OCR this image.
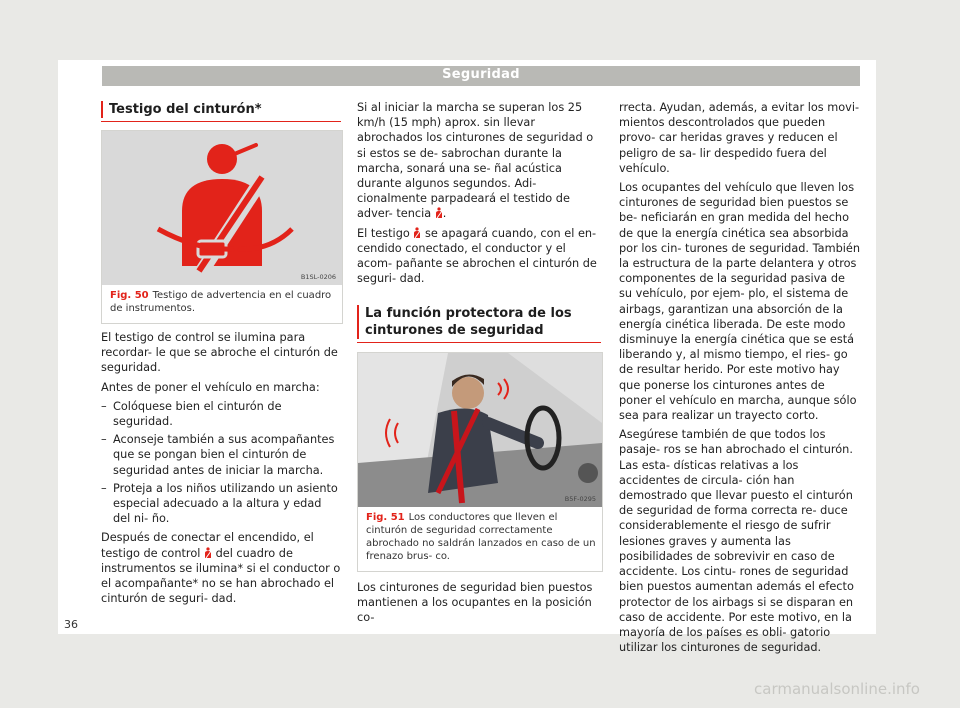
Seguridad
Testigo del cinturón*
B1SL-0206
Fig. 50 Testigo de advertencia en el cuadro de instrumentos.

El testigo de control se ilumina para recordar- le que se abroche el cinturón de seguridad.

Antes de poner el vehículo en marcha:

– Colóquese bien el cinturón de seguridad.
– Aconseje también a sus acompañantes que se pongan bien el cinturón de seguridad antes de iniciar la marcha.
– Proteja a los niños utilizando un asiento especial adecuado a la altura y edad del ni- ño.

Después de conectar el encendido, el testigo de control del cuadro de instrumentos se ilumina* si el conductor o el acompañante* no se han abrochado el cinturón de seguri- dad.

Si al iniciar la marcha se superan los 25 km/h (15 mph) aprox. sin llevar abrochados los cinturones de seguridad o si estos se de- sabrochan durante la marcha, sonará una se- ñal acústica durante algunos segundos. Adi- cionalmente parpadeará el testido de adver- tencia .

El testigo se apagará cuando, con el en- cendido conectado, el conductor y el acom- pañante se abrochen el cinturón de seguri- dad.

La función protectora de los cinturones de seguridad
B5F-0295
Fig. 51 Los conductores que lleven el cinturón de seguridad correctamente abrochado no saldrán lanzados en caso de un frenazo brus- co.

Los cinturones de seguridad bien puestos mantienen a los ocupantes en la posición co-

rrecta. Ayudan, además, a evitar los movi- mientos descontrolados que pueden provo- car heridas graves y reducen el peligro de sa- lir despedido fuera del vehículo.

Los ocupantes del vehículo que lleven los cinturones de seguridad bien puestos se be- neficiarán en gran medida del hecho de que la energía cinética sea absorbida por los cin- turones de seguridad. También la estructura de la parte delantera y otros componentes de la seguridad pasiva de su vehículo, por ejem- plo, el sistema de airbags, garantizan una absorción de la energía cinética liberada. De este modo disminuye la energía cinética que se está liberando y, al mismo tiempo, el ries- go de resultar herido. Por este motivo hay que ponerse los cinturones antes de poner el vehículo en marcha, aunque sólo sea para realizar un trayecto corto.

Asegúrese también de que todos los pasaje- ros se han abrochado el cinturón. Las esta- dísticas relativas a los accidentes de circula- ción han demostrado que llevar puesto el cinturón de seguridad de forma correcta re- duce considerablemente el riesgo de sufrir lesiones graves y aumenta las posibilidades de sobrevivir en caso de accidente. Los cintu- rones de seguridad bien puestos aumentan además el efecto protector de los airbags si se disparan en caso de accidente. Por este motivo, en la mayoría de los países es obli- gatorio utilizar los cinturones de seguridad.

36
carmanualsonline.info
